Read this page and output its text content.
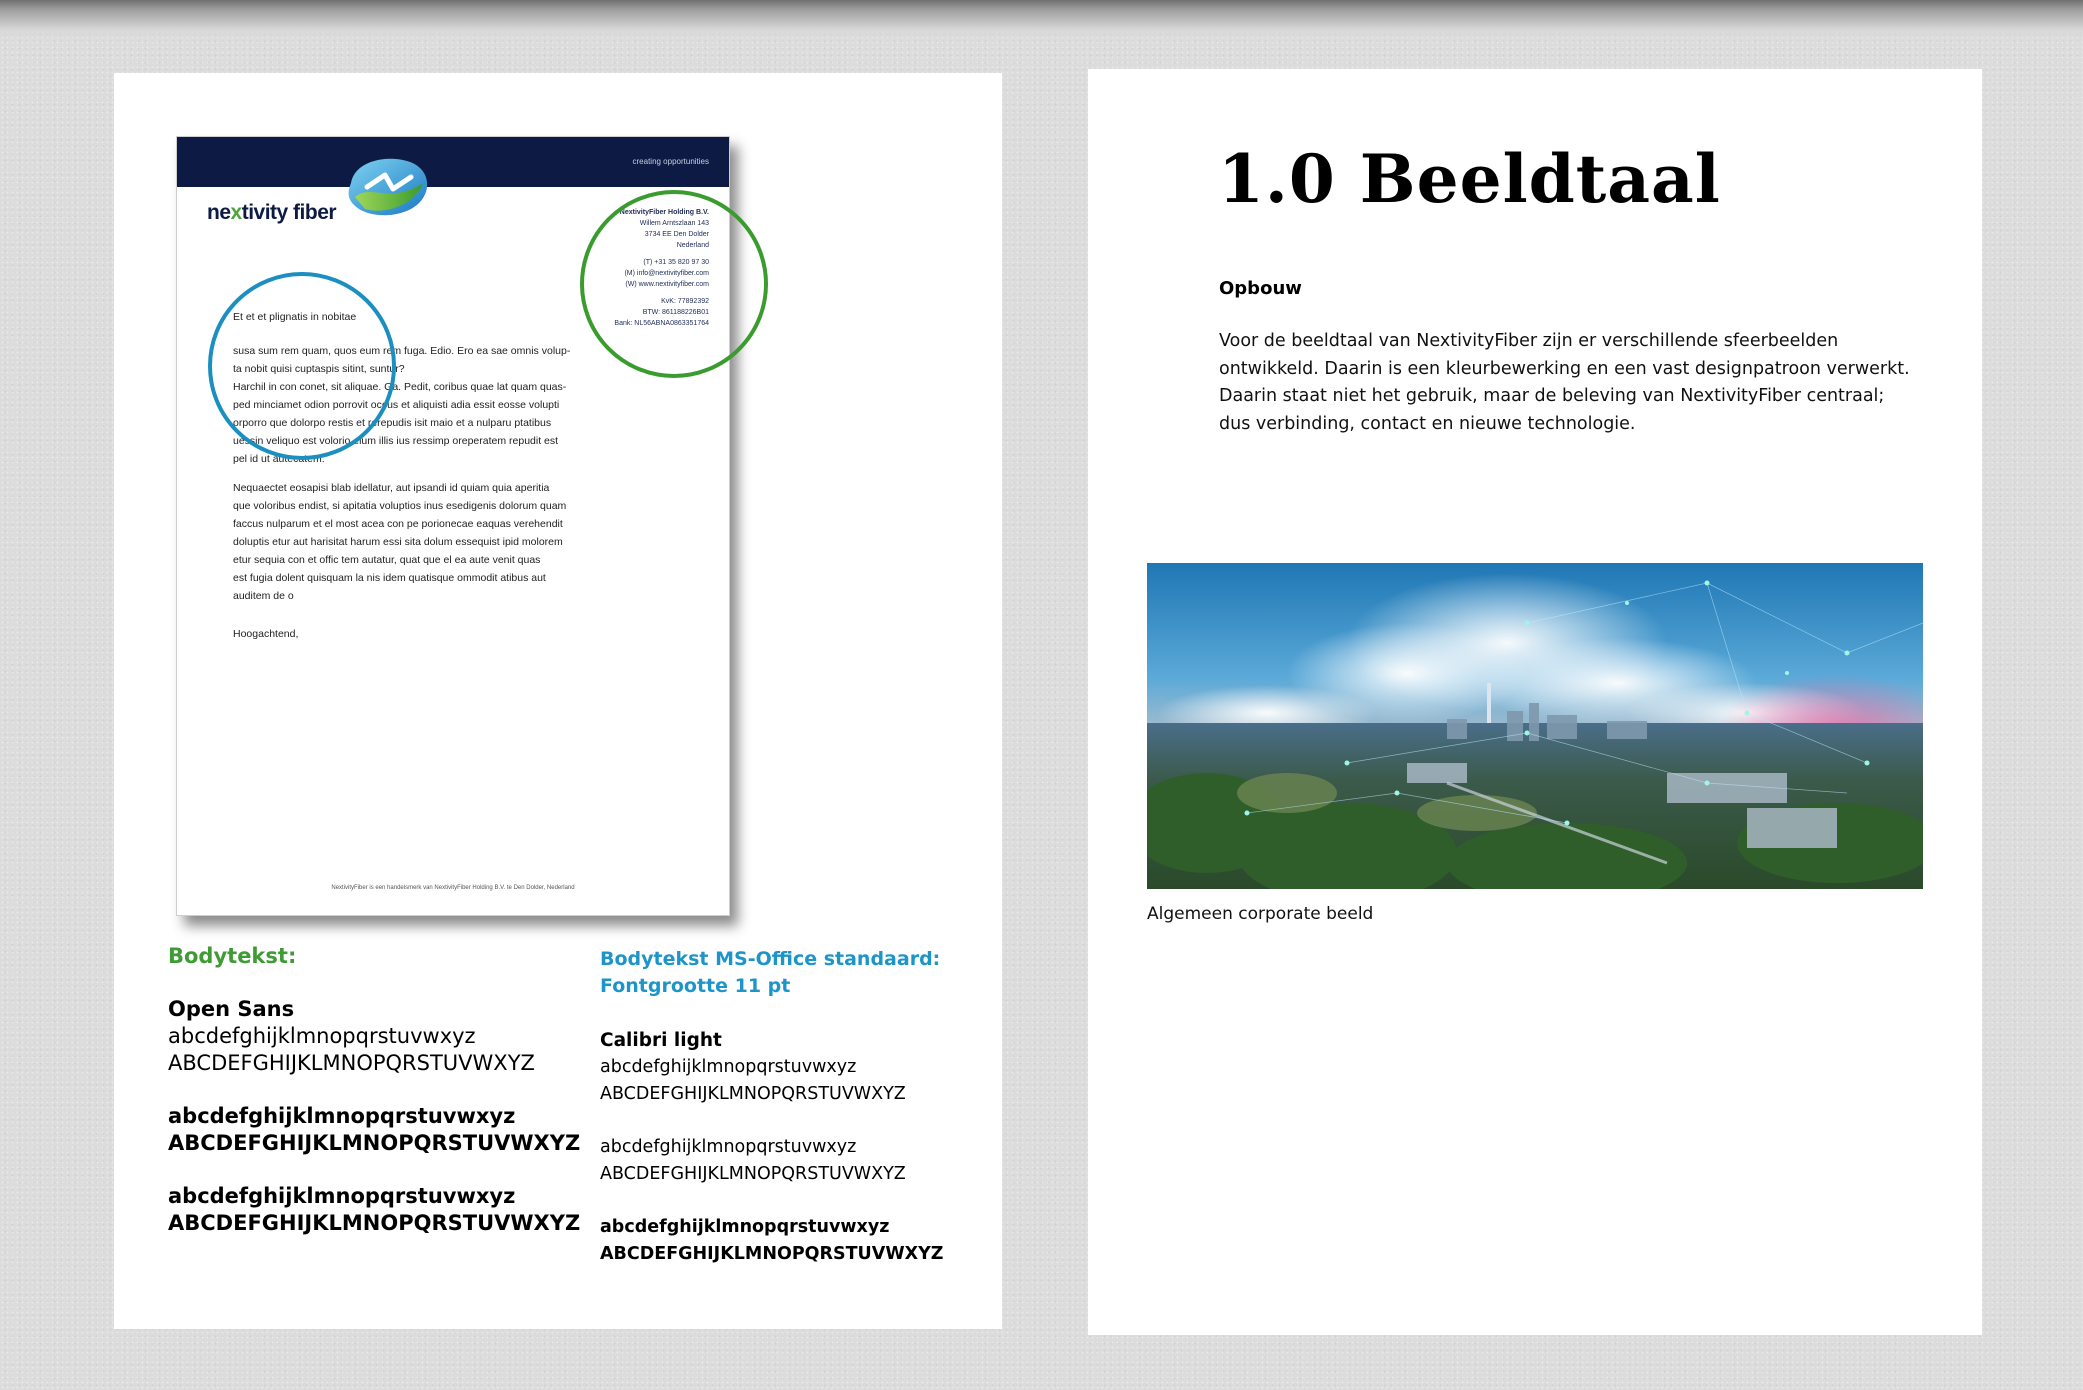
creating opportunities
nextivity fiber	NextivityFiber Holding B.V.
Willem Arntszlaan 143
3734 EE Den Dolder
Nederland
(T) +31 35 820 97 30
(M) info@nextivityfiber.com
(W) www.nextivityfiber.com
KvK: 77892392
BTW: 861188226B01
Bank: NL56ABNA0863351764
Et et et plignatis in nobitae
susa sum rem quam, quos eum rem fuga. Edio. Ero ea sae omnis volup-
ta nobit quisi cuptaspis sitint, suntur?
Harchil in con conet, sit aliquae. Ga. Pedit, coribus quae lat quam quas-
ped minciamet odion porrovit occus et aliquisti adia essit eosse volupti
orporro que dolorpo restis et rerepudis isit maio et a nulparu ptatibus
uessin veliquo est volorio eium illis ius ressimp oreperatem repudit est
pel id ut autecatem.
Nequaectet eosapisi blab idellatur, aut ipsandi id quiam quia aperitia
que voloribus endist, si apitatia voluptios inus esedigenis dolorum quam
faccus nulparum et el most acea con pe porionecae eaquas verehendit
doluptis etur aut harisitat harum essi sita dolum essequist ipid molorem
etur sequia con et offic tem autatur, quat que el ea aute venit quas
est fugia dolent quisquam la nis idem quatisque ommodit atibus aut
auditem de o
Hoogachtend,
NextivityFiber is een handelsmerk van NextivityFiber Holding B.V. te Den Dolder, Nederland
Bodytekst:
Open Sans
abcdefghijklmnopqrstuvwxyz
ABCDEFGHIJKLMNOPQRSTUVWXYZ
abcdefghijklmnopqrstuvwxyz
ABCDEFGHIJKLMNOPQRSTUVWXYZ
abcdefghijklmnopqrstuvwxyz
ABCDEFGHIJKLMNOPQRSTUVWXYZ
Bodytekst MS-Office standaard:
Fontgrootte 11 pt
Calibri light
abcdefghijklmnopqrstuvwxyz
ABCDEFGHIJKLMNOPQRSTUVWXYZ
abcdefghijklmnopqrstuvwxyz
ABCDEFGHIJKLMNOPQRSTUVWXYZ
abcdefghijklmnopqrstuvwxyz
ABCDEFGHIJKLMNOPQRSTUVWXYZ
1.0 Beeldtaal
Opbouw
Voor de beeldtaal van NextivityFiber zijn er verschillende sfeerbeelden
ontwikkeld. Daarin is een kleurbewerking en een vast designpatroon verwerkt.
Daarin staat niet het gebruik, maar de beleving van NextivityFiber centraal;
dus verbinding, contact en nieuwe technologie.
Algemeen corporate beeld
